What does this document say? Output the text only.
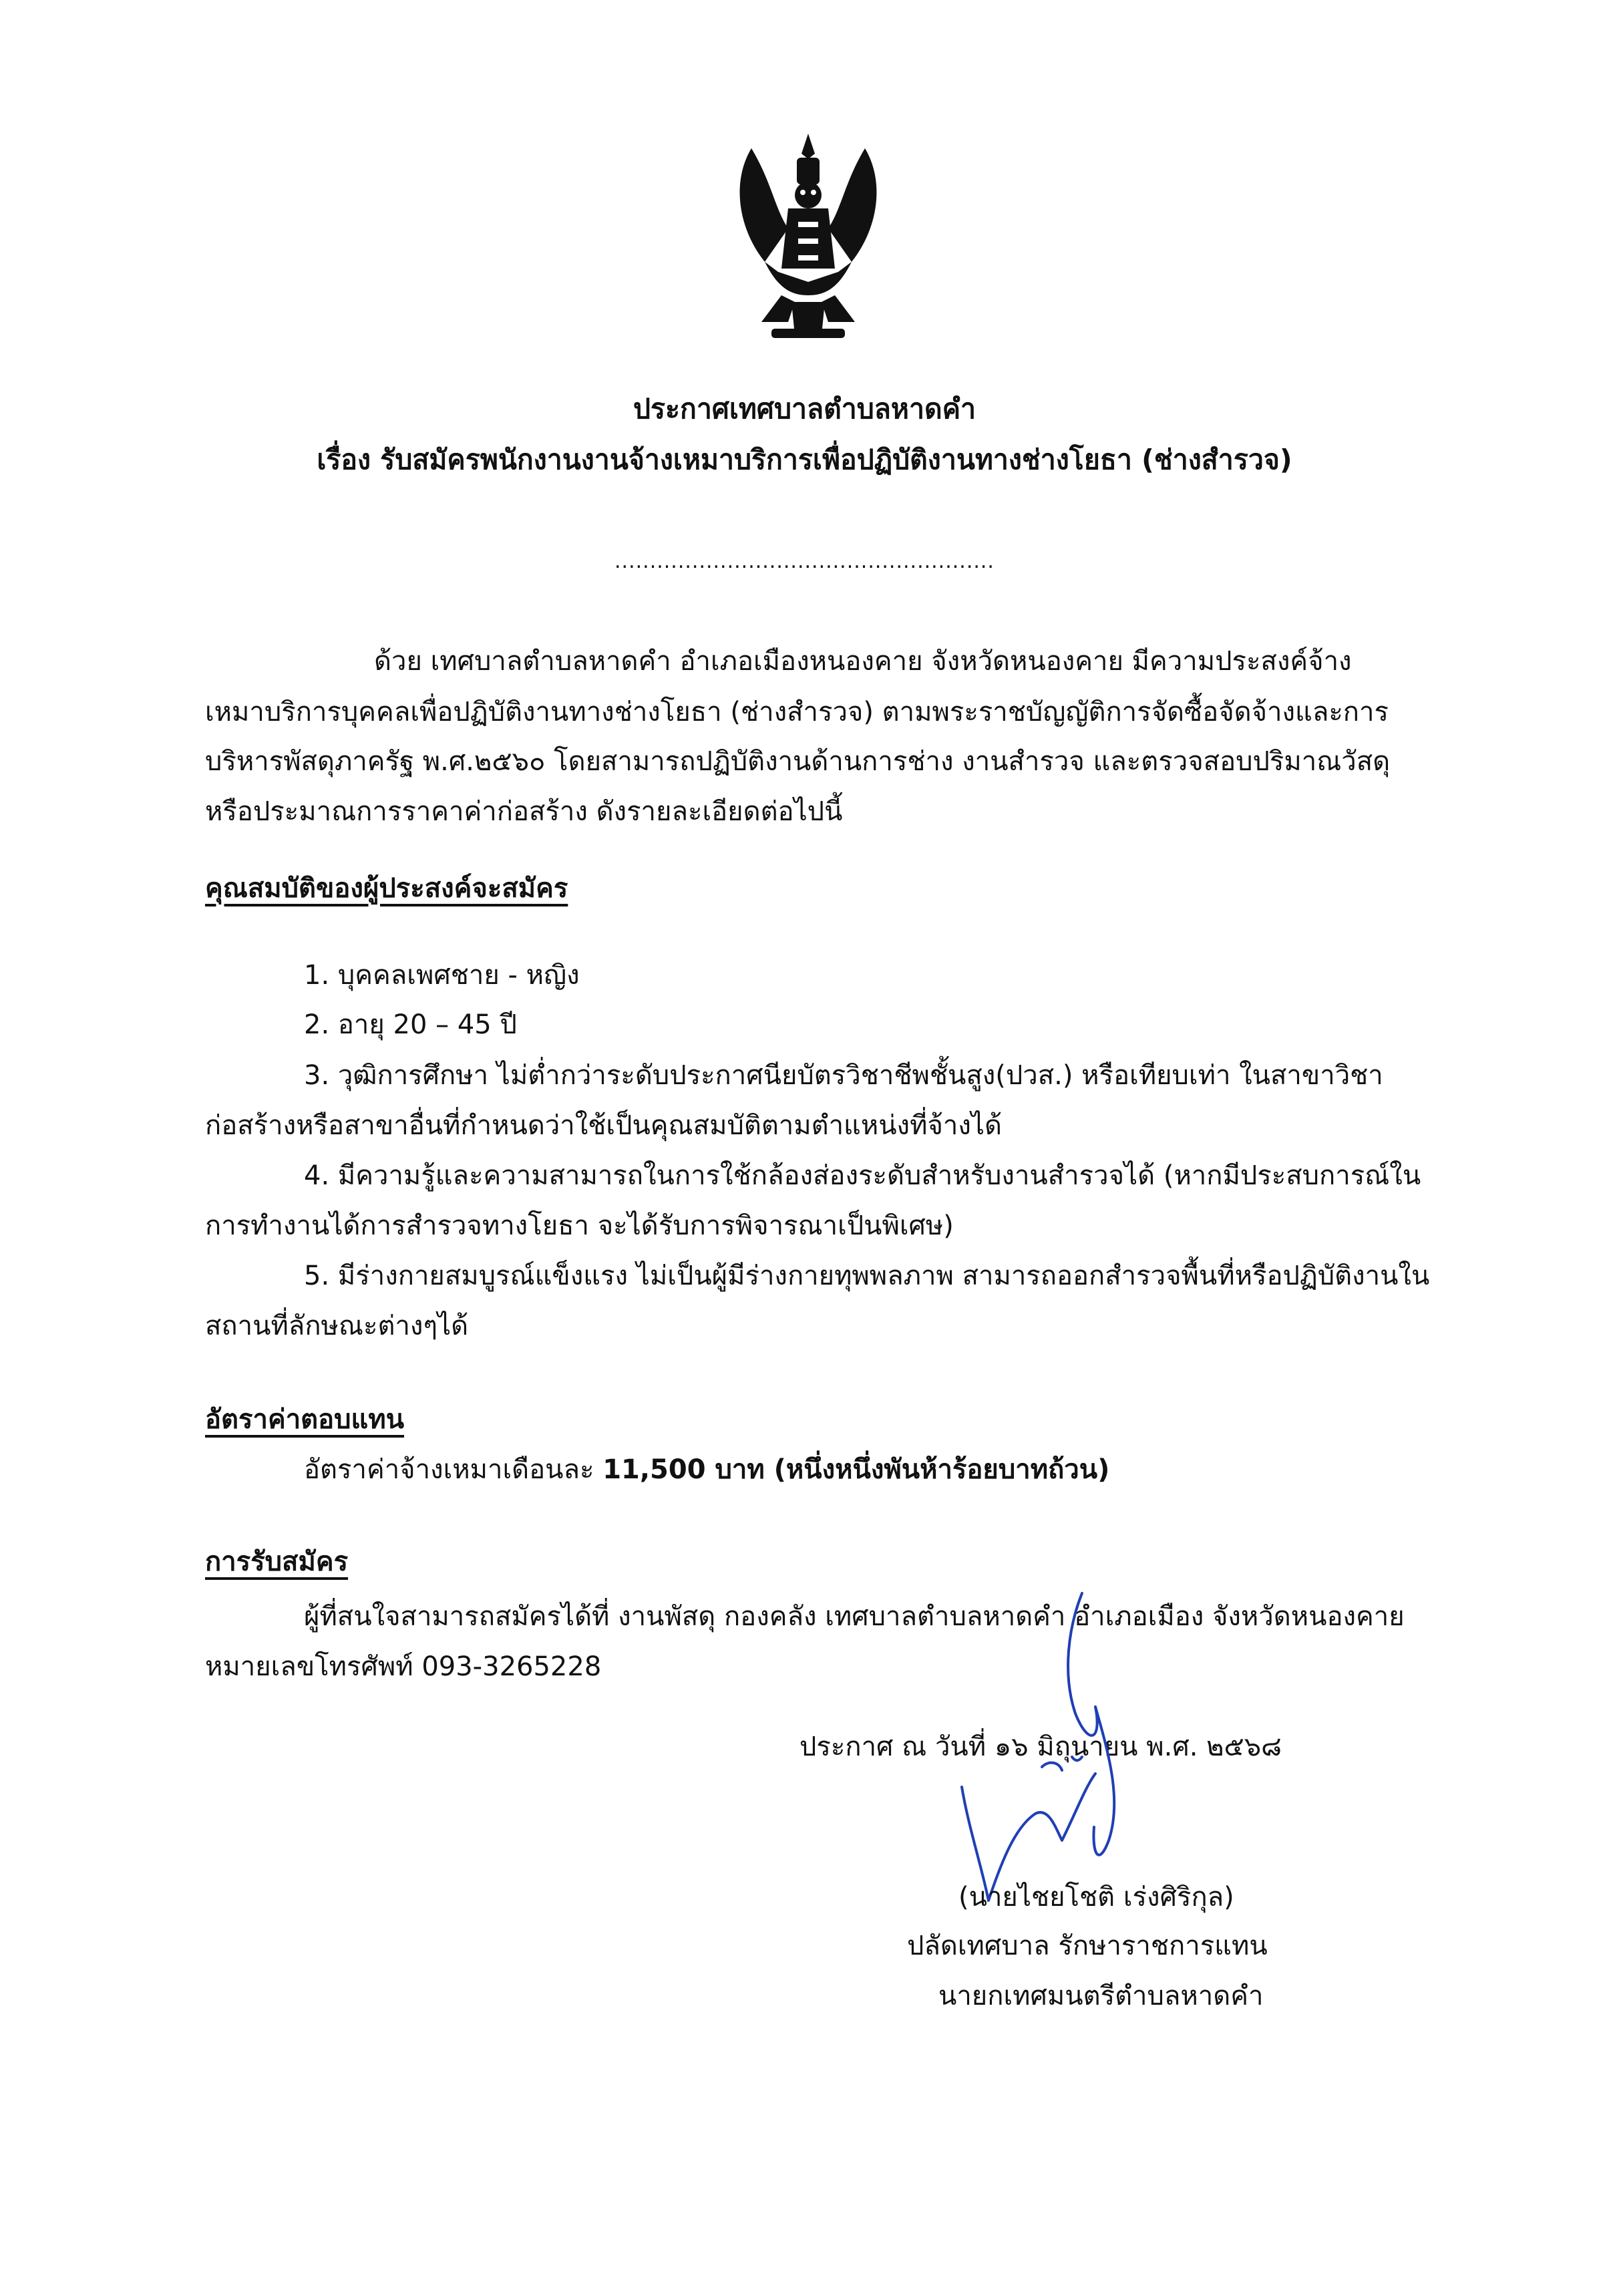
ประกาศเทศบาลตำบลหาดคำ
เรื่อง รับสมัครพนักงานงานจ้างเหมาบริการเพื่อปฏิบัติงานทางช่างโยธา (ช่างสำรวจ)
......................................................
ด้วย เทศบาลตำบลหาดคำ อำเภอเมืองหนองคาย จังหวัดหนองคาย มีความประสงค์จ้าง
เหมาบริการบุคคลเพื่อปฏิบัติงานทางช่างโยธา (ช่างสำรวจ) ตามพระราชบัญญัติการจัดซื้อจัดจ้างและการ
บริหารพัสดุภาครัฐ พ.ศ.๒๕๖๐ โดยสามารถปฏิบัติงานด้านการช่าง งานสำรวจ และตรวจสอบปริมาณวัสดุ
หรือประมาณการราคาค่าก่อสร้าง ดังรายละเอียดต่อไปนี้
คุณสมบัติของผู้ประสงค์จะสมัคร
1. บุคคลเพศชาย - หญิง
2. อายุ 20 – 45 ปี
3. วุฒิการศึกษา ไม่ต่ำกว่าระดับประกาศนียบัตรวิชาชีพชั้นสูง(ปวส.) หรือเทียบเท่า ในสาขาวิชา
ก่อสร้างหรือสาขาอื่นที่กำหนดว่าใช้เป็นคุณสมบัติตามตำแหน่งที่จ้างได้
4. มีความรู้และความสามารถในการใช้กล้องส่องระดับสำหรับงานสำรวจได้ (หากมีประสบการณ์ใน
การทำงานได้การสำรวจทางโยธา จะได้รับการพิจารณาเป็นพิเศษ)
5. มีร่างกายสมบูรณ์แข็งแรง ไม่เป็นผู้มีร่างกายทุพพลภาพ สามารถออกสำรวจพื้นที่หรือปฏิบัติงานใน
สถานที่ลักษณะต่างๆได้
อัตราค่าตอบแทน
อัตราค่าจ้างเหมาเดือนละ 11,500 บาท (หนึ่งหนึ่งพันห้าร้อยบาทถ้วน)
การรับสมัคร
ผู้ที่สนใจสามารถสมัครได้ที่ งานพัสดุ กองคลัง เทศบาลตำบลหาดคำ อำเภอเมือง จังหวัดหนองคาย
หมายเลขโทรศัพท์ 093-3265228
ประกาศ ณ วันที่ ๑๖ มิถุนายน พ.ศ. ๒๕๖๘
(นายไชยโชติ เร่งศิริกุล)
ปลัดเทศบาล รักษาราชการแทน
นายกเทศมนตรีตำบลหาดคำ
